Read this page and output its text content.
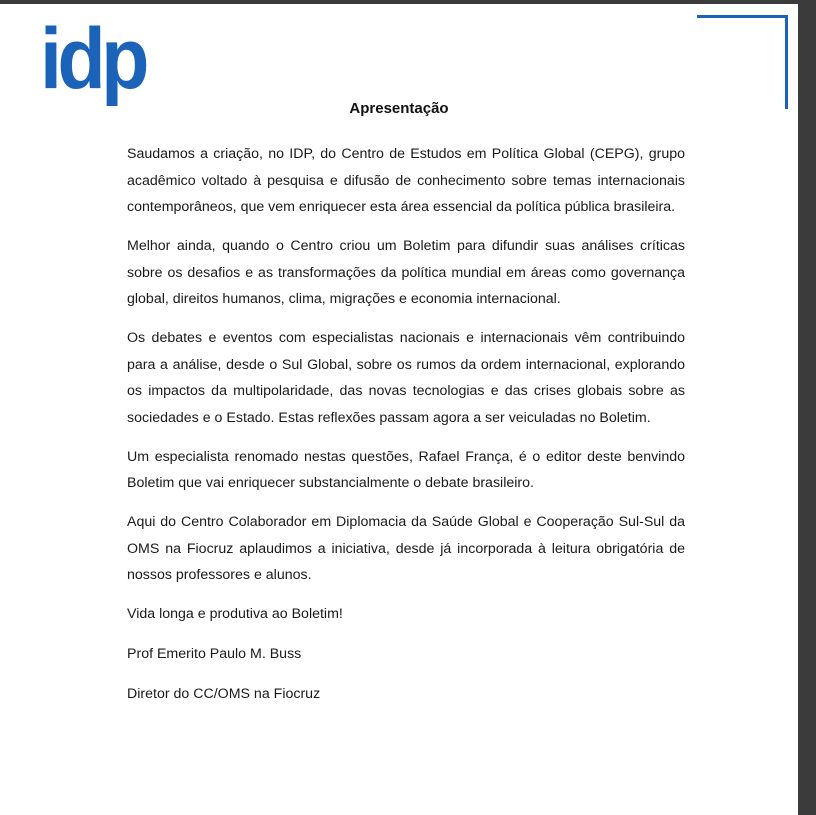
idp
Apresentação

Saudamos a criação, no IDP, do Centro de Estudos em Política Global (CEPG), grupo acadêmico voltado à pesquisa e difusão de conhecimento sobre temas internacionais contemporâneos, que vem enriquecer esta área essencial da política pública brasileira.

Melhor ainda, quando o Centro criou um Boletim para difundir suas análises críticas sobre os desafios e as transformações da política mundial em áreas como governança global, direitos humanos, clima, migrações e economia internacional.

Os debates e eventos com especialistas nacionais e internacionais vêm contribuindo para a análise, desde o Sul Global, sobre os rumos da ordem internacional, explorando os impactos da multipolaridade, das novas tecnologias e das crises globais sobre as sociedades e o Estado. Estas reflexões passam agora a ser veiculadas no Boletim.

Um especialista renomado nestas questões, Rafael França, é o editor deste benvindo Boletim que vai enriquecer substancialmente o debate brasileiro.

Aqui do Centro Colaborador em Diplomacia da Saúde Global e Cooperação Sul-Sul da OMS na Fiocruz aplaudimos a iniciativa, desde já incorporada à leitura obrigatória de nossos professores e alunos.

Vida longa e produtiva ao Boletim!

Prof Emerito Paulo M. Buss

Diretor do CC/OMS na Fiocruz
